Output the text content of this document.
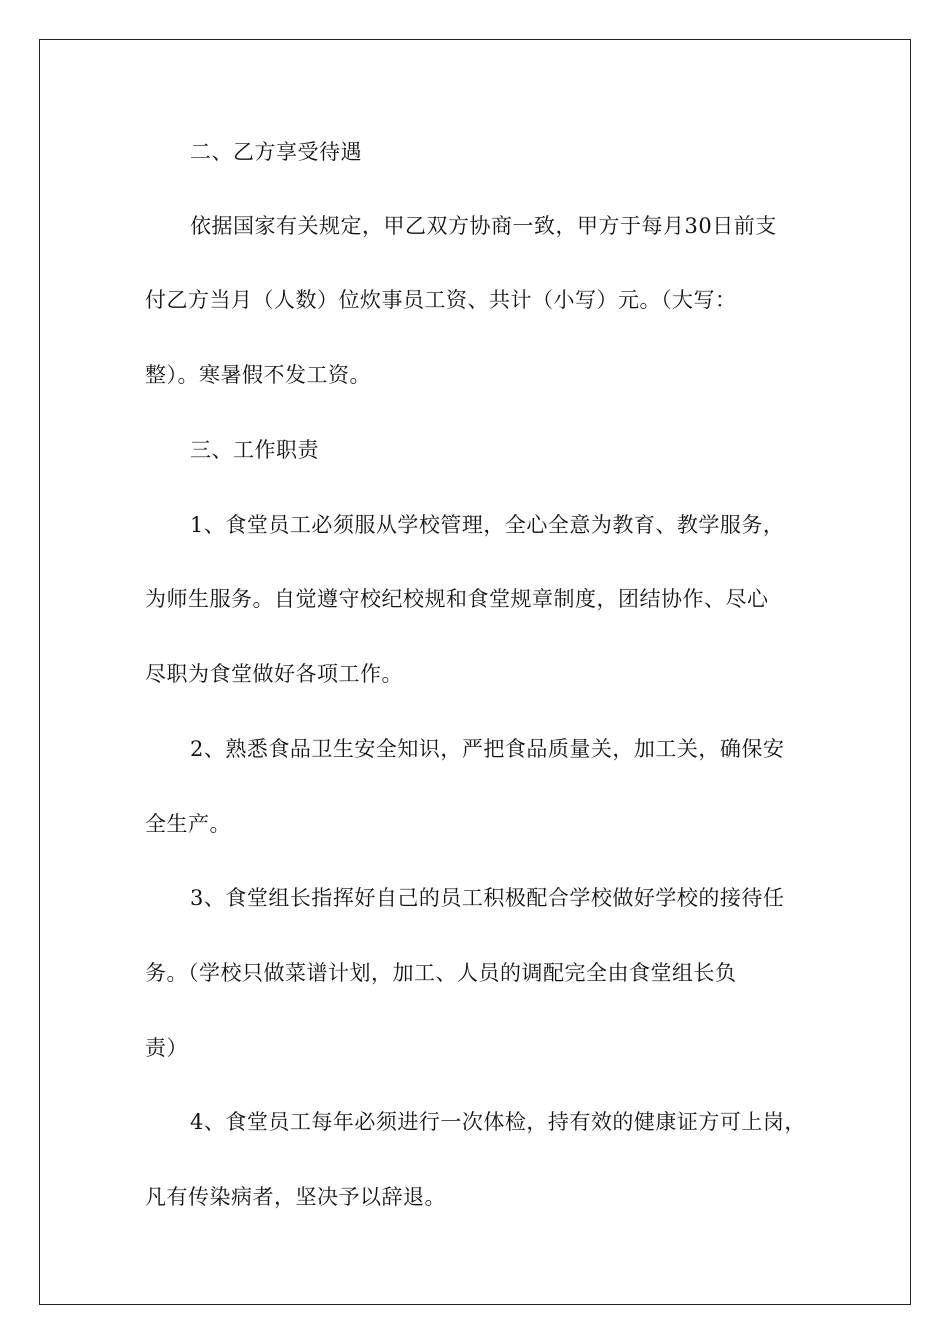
二、乙方享受待遇
依据国家有关规定，甲乙双方协商一致，甲方于每月30日前支
付乙方当月（人数）位炊事员工资、共计（小写）元。（大写：
整）。寒暑假不发工资。
三、工作职责
1、食堂员工必须服从学校管理，全心全意为教育、教学服务，
为师生服务。自觉遵守校纪校规和食堂规章制度，团结协作、尽心
尽职为食堂做好各项工作。
2、熟悉食品卫生安全知识，严把食品质量关，加工关，确保安
全生产。
3、食堂组长指挥好自己的员工积极配合学校做好学校的接待任
务。（学校只做菜谱计划，加工、人员的调配完全由食堂组长负
责）
4、食堂员工每年必须进行一次体检，持有效的健康证方可上岗，
凡有传染病者，坚决予以辞退。
